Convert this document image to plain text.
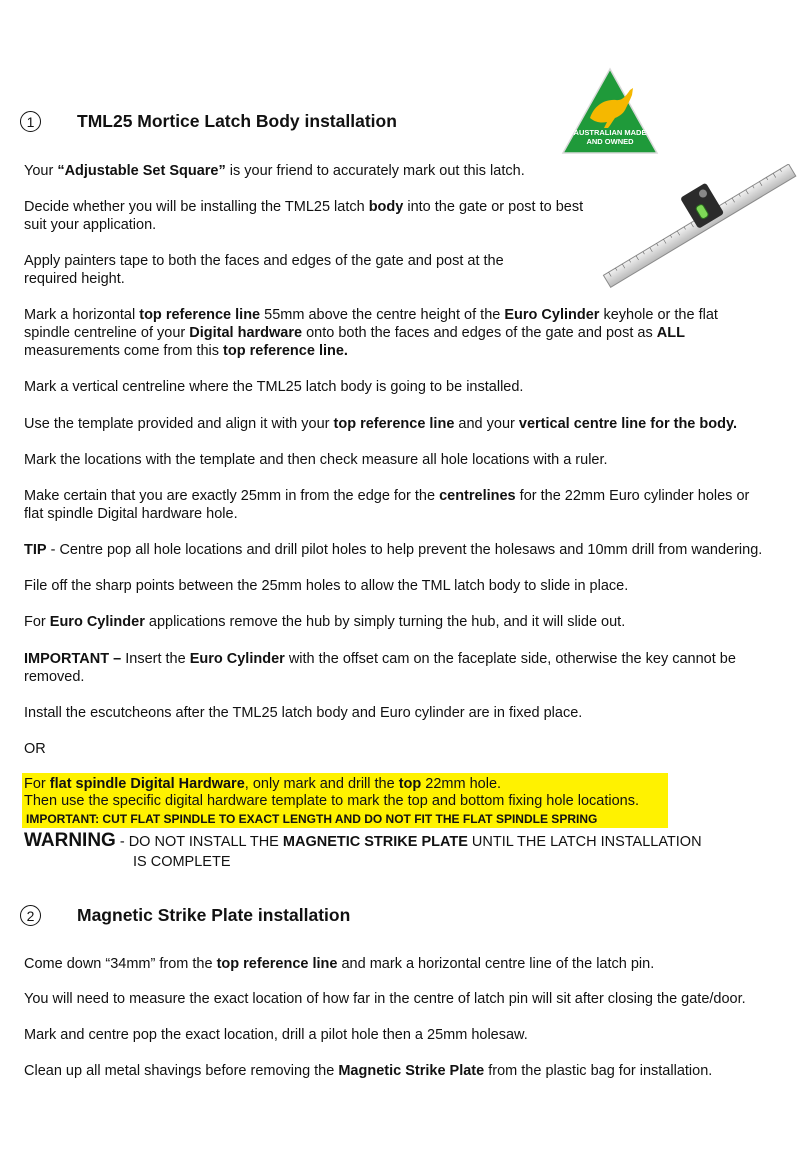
AUSTRALIAN MADE
AND OWNED
1	TML25 Mortice Latch Body installation
Your “Adjustable Set Square” is your friend to accurately mark out this latch.
Decide whether you will be installing the TML25 latch body into the gate or post to best
suit your application.
Apply painters tape to both the faces and edges of the gate and post at the
required height.
Mark a horizontal top reference line 55mm above the centre height of the Euro Cylinder keyhole or the flat
spindle centreline of your Digital hardware onto both the faces and edges of the gate and post as ALL
measurements come from this top reference line.
Mark a vertical centreline where the TML25 latch body is going to be installed.
Use the template provided and align it with your top reference line and your vertical centre line for the body.
Mark the locations with the template and then check measure all hole locations with a ruler.
Make certain that you are exactly 25mm in from the edge for the centrelines for the 22mm Euro cylinder holes or
flat spindle Digital hardware hole.
TIP - Centre pop all hole locations and drill pilot holes to help prevent the holesaws and 10mm drill from wandering.
File off the sharp points between the 25mm holes to allow the TML latch body to slide in place.
For Euro Cylinder applications remove the hub by simply turning the hub, and it will slide out.
IMPORTANT – Insert the Euro Cylinder with the offset cam on the faceplate side, otherwise the key cannot be
removed.
Install the escutcheons after the TML25 latch body and Euro cylinder are in fixed place.
OR
For flat spindle Digital Hardware, only mark and drill the top 22mm hole.
Then use the specific digital hardware template to mark the top and bottom fixing hole locations.
IMPORTANT: CUT FLAT SPINDLE TO EXACT LENGTH AND DO NOT FIT THE FLAT SPINDLE SPRING
WARNING - DO NOT INSTALL THE MAGNETIC STRIKE PLATE UNTIL THE LATCH INSTALLATION
IS COMPLETE
2	Magnetic Strike Plate installation
Come down “34mm” from the top reference line and mark a horizontal centre line of the latch pin.
You will need to measure the exact location of how far in the centre of latch pin will sit after closing the gate/door.
Mark and centre pop the exact location, drill a pilot hole then a 25mm holesaw.
Clean up all metal shavings before removing the Magnetic Strike Plate from the plastic bag for installation.
